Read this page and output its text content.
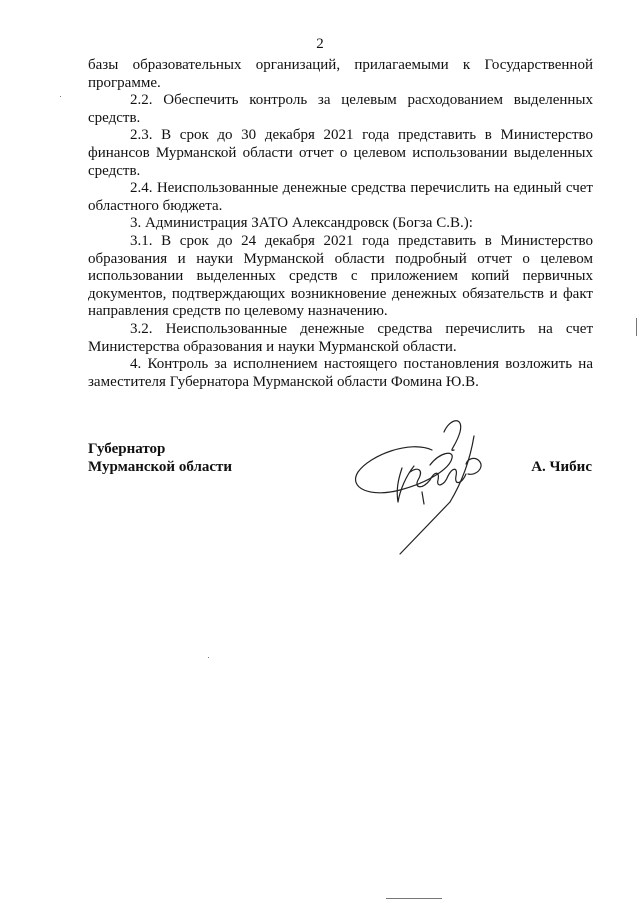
2

базы образовательных организаций, прилагаемыми к Государственной программе.

2.2. Обеспечить контроль за целевым расходованием выделенных средств.

2.3. В срок до 30 декабря 2021 года представить в Министерство финансов Мурманской области отчет о целевом использовании выделенных средств.

2.4. Неиспользованные денежные средства перечислить на единый счет областного бюджета.

3. Администрация ЗАТО Александровск (Богза С.В.):

3.1. В срок до 24 декабря 2021 года представить в Министерство образования и науки Мурманской области подробный отчет о целевом использовании выделенных средств с приложением копий первичных документов, подтверждающих возникновение денежных обязательств и факт направления средств по целевому назначению.

3.2. Неиспользованные денежные средства перечислить на счет Министерства образования и науки Мурманской области.

4. Контроль за исполнением настоящего постановления возложить на заместителя Губернатора Мурманской области Фомина Ю.В.

Губернатор
Мурманской области	А. Чибис
